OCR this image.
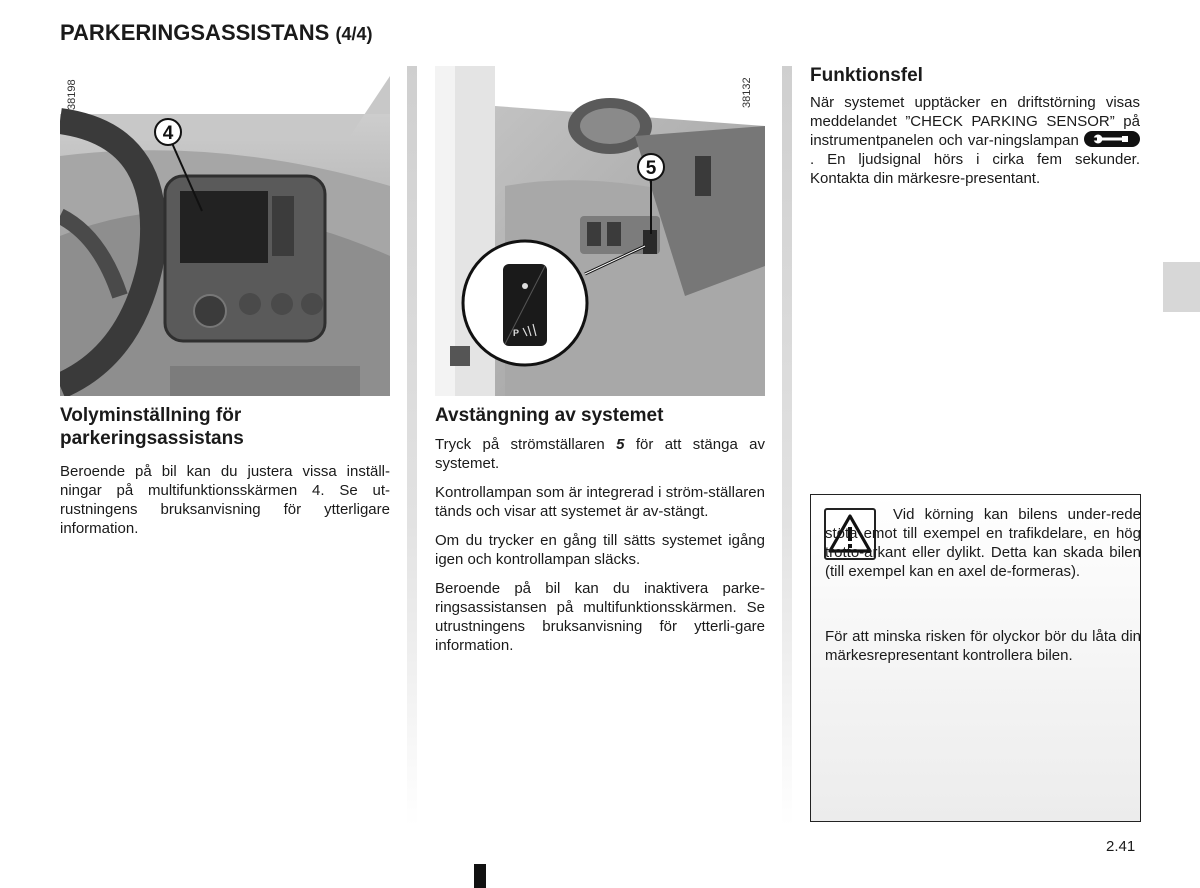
PARKERINGSASSISTANS (4/4)
4
38198
5
P
38132
Volyminställning för parkeringsassistans

Beroende på bil kan du justera vissa inställ-ningar på multifunktionsskärmen 4. Se ut-rustningens bruksanvisning för ytterligare information.

Avstängning av systemet

Tryck på strömställaren 5 för att stänga av systemet.

Kontrollampan som är integrerad i ström-ställaren tänds och visar att systemet är av-stängt.

Om du trycker en gång till sätts systemet igång igen och kontrollampan släcks.

Beroende på bil kan du inaktivera parke-ringsassistansen på multifunktionsskärmen. Se utrustningens bruksanvisning för ytterli-gare information.

Funktionsfel

När systemet upptäcker en driftstörning visas meddelandet ”CHECK PARKING SENSOR” på instrumentpanelen och var-ningslampan
. En ljudsignal hörs i cirka fem sekunder. Kontakta din märkesre-presentant.

Vid körning kan bilens under-rede stöta emot till exempel en trafikdelare, en hög trotto-arkant eller dylikt. Detta kan skada bilen (till exempel kan en axel de-formeras).

För att minska risken för olyckor bör du låta din märkesrepresentant kontrollera bilen.

2.41
